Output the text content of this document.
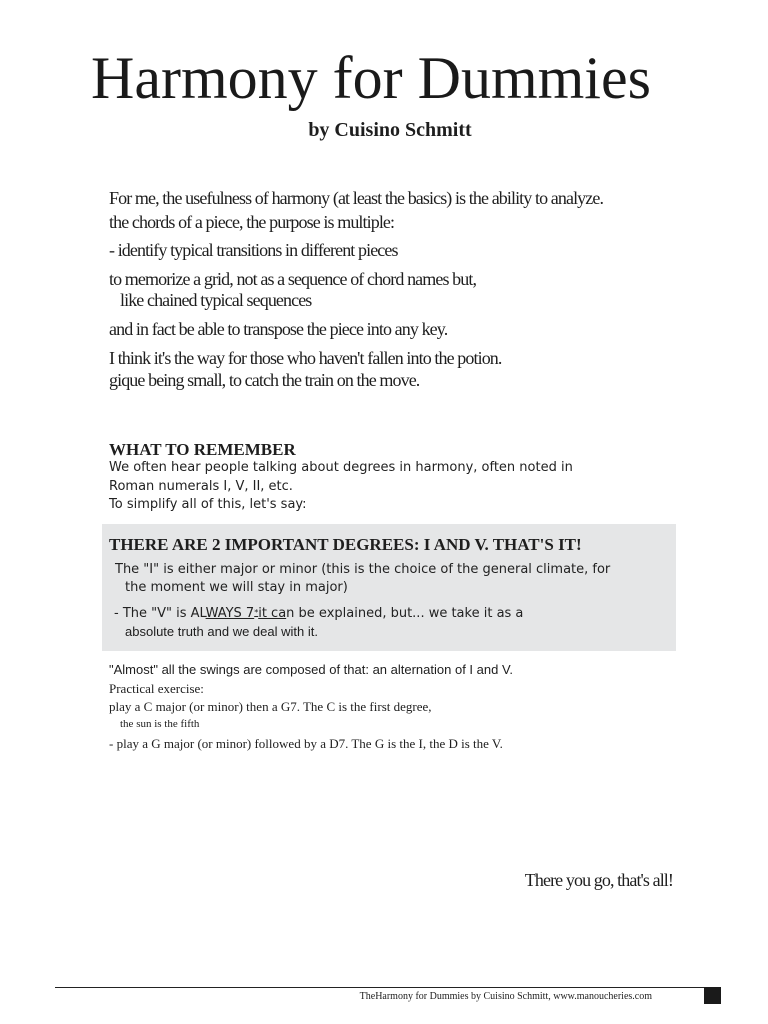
Harmony for Dummies
by Cuisino Schmitt
For me, the usefulness of harmony (at least the basics) is the ability to analyze.
the chords of a piece, the purpose is multiple:
- identify typical transitions in different pieces
to memorize a grid, not as a sequence of chord names but,
like chained typical sequences
and in fact be able to transpose the piece into any key.
I think it's the way for those who haven't fallen into the potion.
gique being small, to catch the train on the move.
WHAT TO REMEMBER
We often hear people talking about degrees in harmony, often noted in
Roman numerals I, V, II, etc.
To simplify all of this, let's say:
THERE ARE 2 IMPORTANT DEGREES: I AND V. THAT'S IT!
The "I" is either major or minor (this is the choice of the general climate, for
the moment we will stay in major)
- The "V" is ALWAYS 7*it can be explained, but... we take it as a
absolute truth and we deal with it.
"Almost" all the swings are composed of that: an alternation of I and V.
Practical exercise:
play a C major (or minor) then a G7. The C is the first degree,
the sun is the fifth
- play a G major (or minor) followed by a D7. The G is the I, the D is the V.
There you go, that's all!
TheHarmony for Dummies by Cuisino Schmitt, www.manoucheries.com
